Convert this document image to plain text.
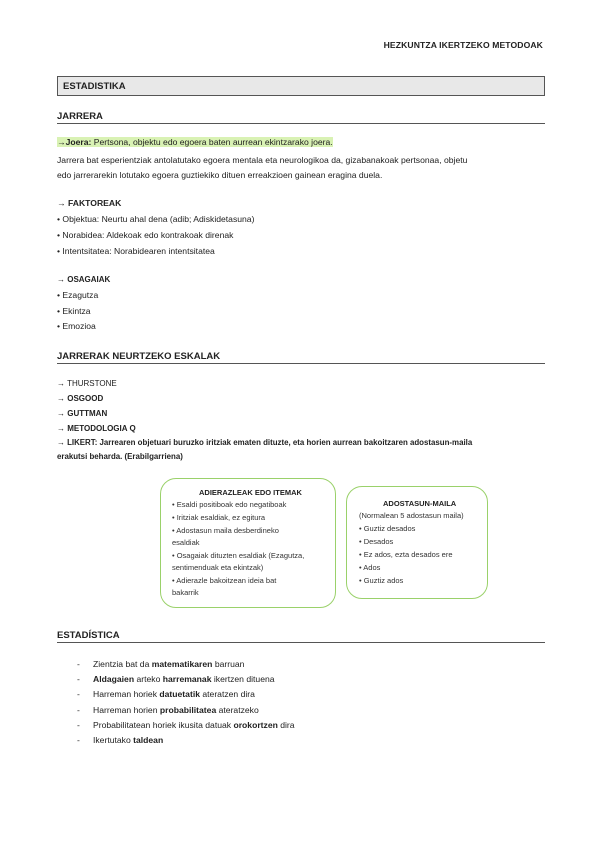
HEZKUNTZA IKERTZEKO METODOAK
ESTADISTIKA
JARRERA
→Joera: Pertsona, objektu edo egoera baten aurrean ekintzarako joera.
Jarrera bat esperientziak antolatutako egoera mentala eta neurologikoa da, gizabanakoak pertsonaa, objetu
edo jarrerarekin lotutako egoera guztiekiko dituen erreakzioen gainean eragina duela.
→ FAKTOREAK
• Objektua: Neurtu ahal dena (adib; Adiskidetasuna)
• Norabidea: Aldekoak edo kontrakoak direnak
• Intentsitatea: Norabidearen intentsitatea
→ OSAGAIAK
• Ezagutza
• Ekintza
• Emozioa
JARRERAK NEURTZEKO ESKALAK
→ THURSTONE
→ OSGOOD
→ GUTTMAN
→ METODOLOGIA Q
→ LIKERT: Jarrearen objetuari buruzko iritziak ematen dituzte, eta horien aurrean bakoitzaren adostasun-maila
erakutsi beharda. (Erabilgarriena)
ADIERAZLEAK EDO ITEMAK
• Esaldi positiboak edo negatiboak
• Iritziak esaldiak, ez egitura
• Adostasun maila desberdineko
esaldiak
• Osagaiak dituzten esaldiak (Ezagutza,
sentimenduak eta ekintzak)
• Adierazle bakoitzean ideia bat
bakarrik
ADOSTASUN-MAILA
(Normalean 5 adostasun maila)
• Guztiz desados
• Desados
• Ez ados, ezta desados ere
• Ados
• Guztiz ados
ESTADÍSTICA
- Zientzia bat da matematikaren barruan
- Aldagaien arteko harremanak ikertzen dituena
- Harreman horiek datuetatik ateratzen dira
- Harreman horien probabilitatea ateratzeko
- Probabilitatean horiek ikusita datuak orokortzen dira
- Ikertutako taldean
